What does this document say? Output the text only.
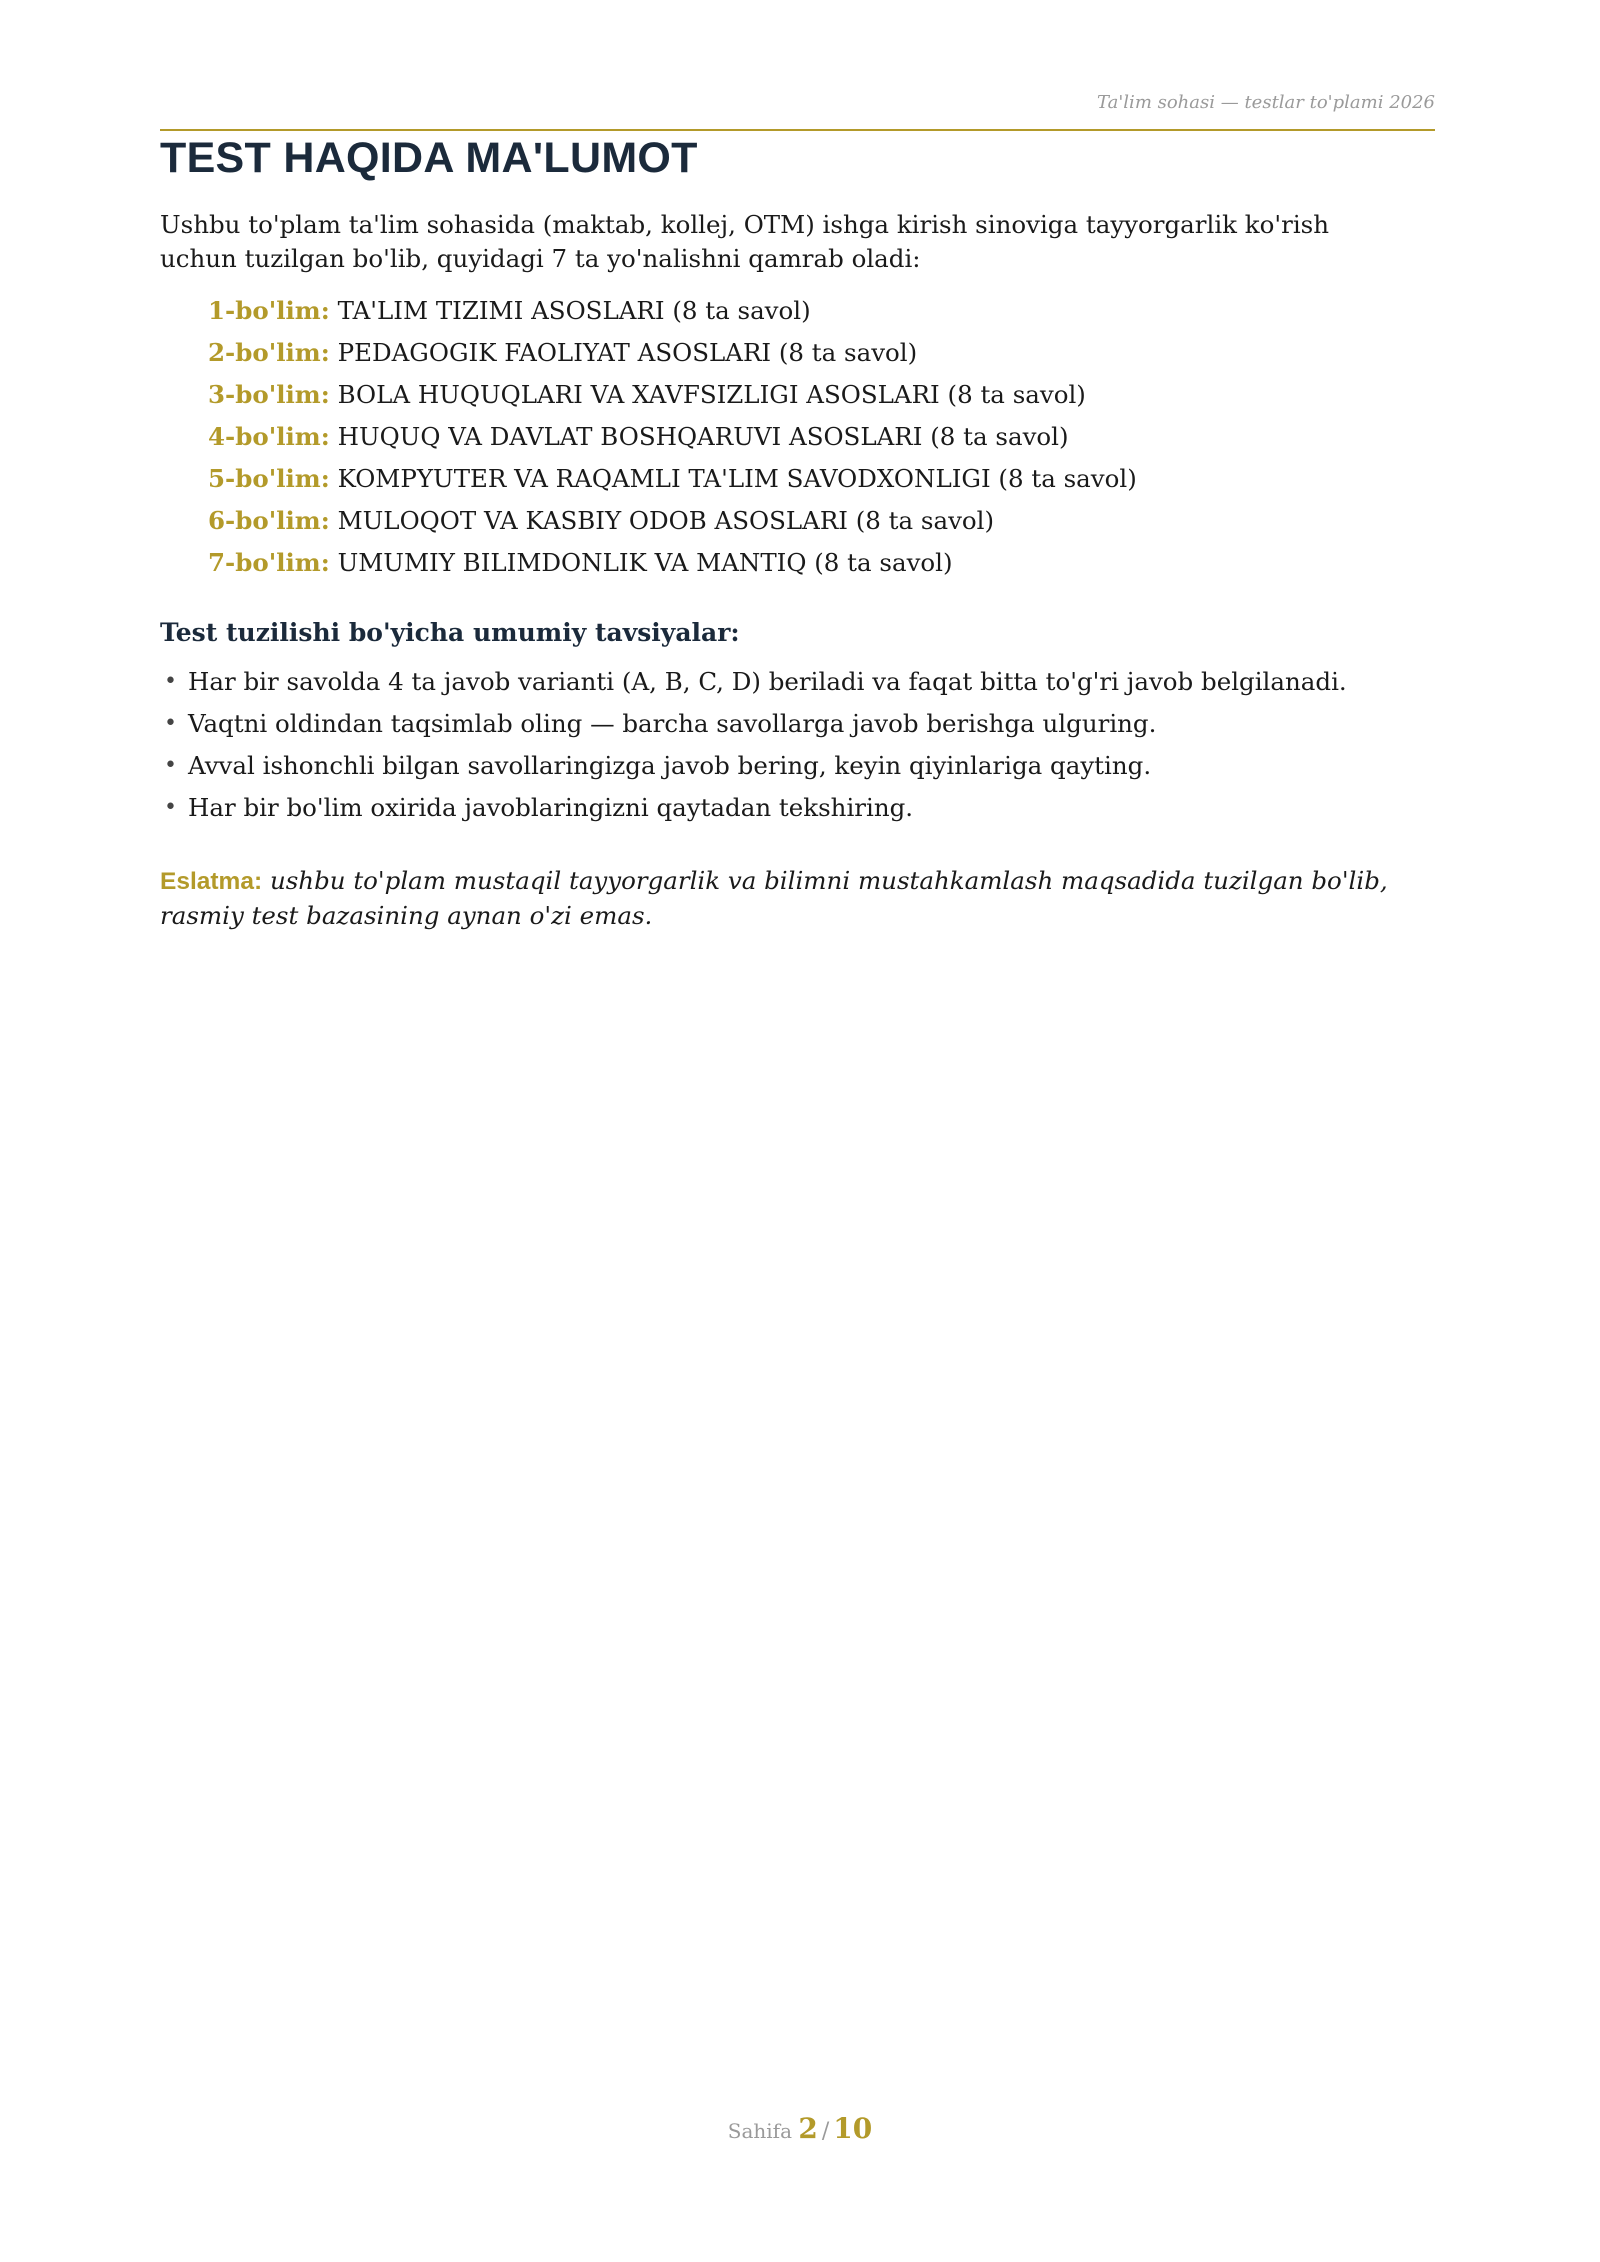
Ta'lim sohasi — testlar to'plami 2026
TEST HAQIDA MA'LUMOT

Ushbu to'plam ta'lim sohasida (maktab, kollej, OTM) ishga kirish sinoviga tayyorgarlik ko'rish uchun tuzilgan bo'lib, quyidagi 7 ta yo'nalishni qamrab oladi:

1-bo'lim: TA'LIM TIZIMI ASOSLARI (8 ta savol)
2-bo'lim: PEDAGOGIK FAOLIYAT ASOSLARI (8 ta savol)
3-bo'lim: BOLA HUQUQLARI VA XAVFSIZLIGI ASOSLARI (8 ta savol)
4-bo'lim: HUQUQ VA DAVLAT BOSHQARUVI ASOSLARI (8 ta savol)
5-bo'lim: KOMPYUTER VA RAQAMLI TA'LIM SAVODXONLIGI (8 ta savol)
6-bo'lim: MULOQOT VA KASBIY ODOB ASOSLARI (8 ta savol)
7-bo'lim: UMUMIY BILIMDONLIK VA MANTIQ (8 ta savol)
Test tuzilishi bo'yicha umumiy tavsiyalar:
• Har bir savolda 4 ta javob varianti (A, B, C, D) beriladi va faqat bitta to'g'ri javob belgilanadi.
• Vaqtni oldindan taqsimlab oling — barcha savollarga javob berishga ulguring.
• Avval ishonchli bilgan savollaringizga javob bering, keyin qiyinlariga qayting.
• Har bir bo'lim oxirida javoblaringizni qaytadan tekshiring.

Eslatma: ushbu to'plam mustaqil tayyorgarlik va bilimni mustahkamlash maqsadida tuzilgan bo'lib, rasmiy test bazasining aynan o'zi emas.

Sahifa 2 / 10
